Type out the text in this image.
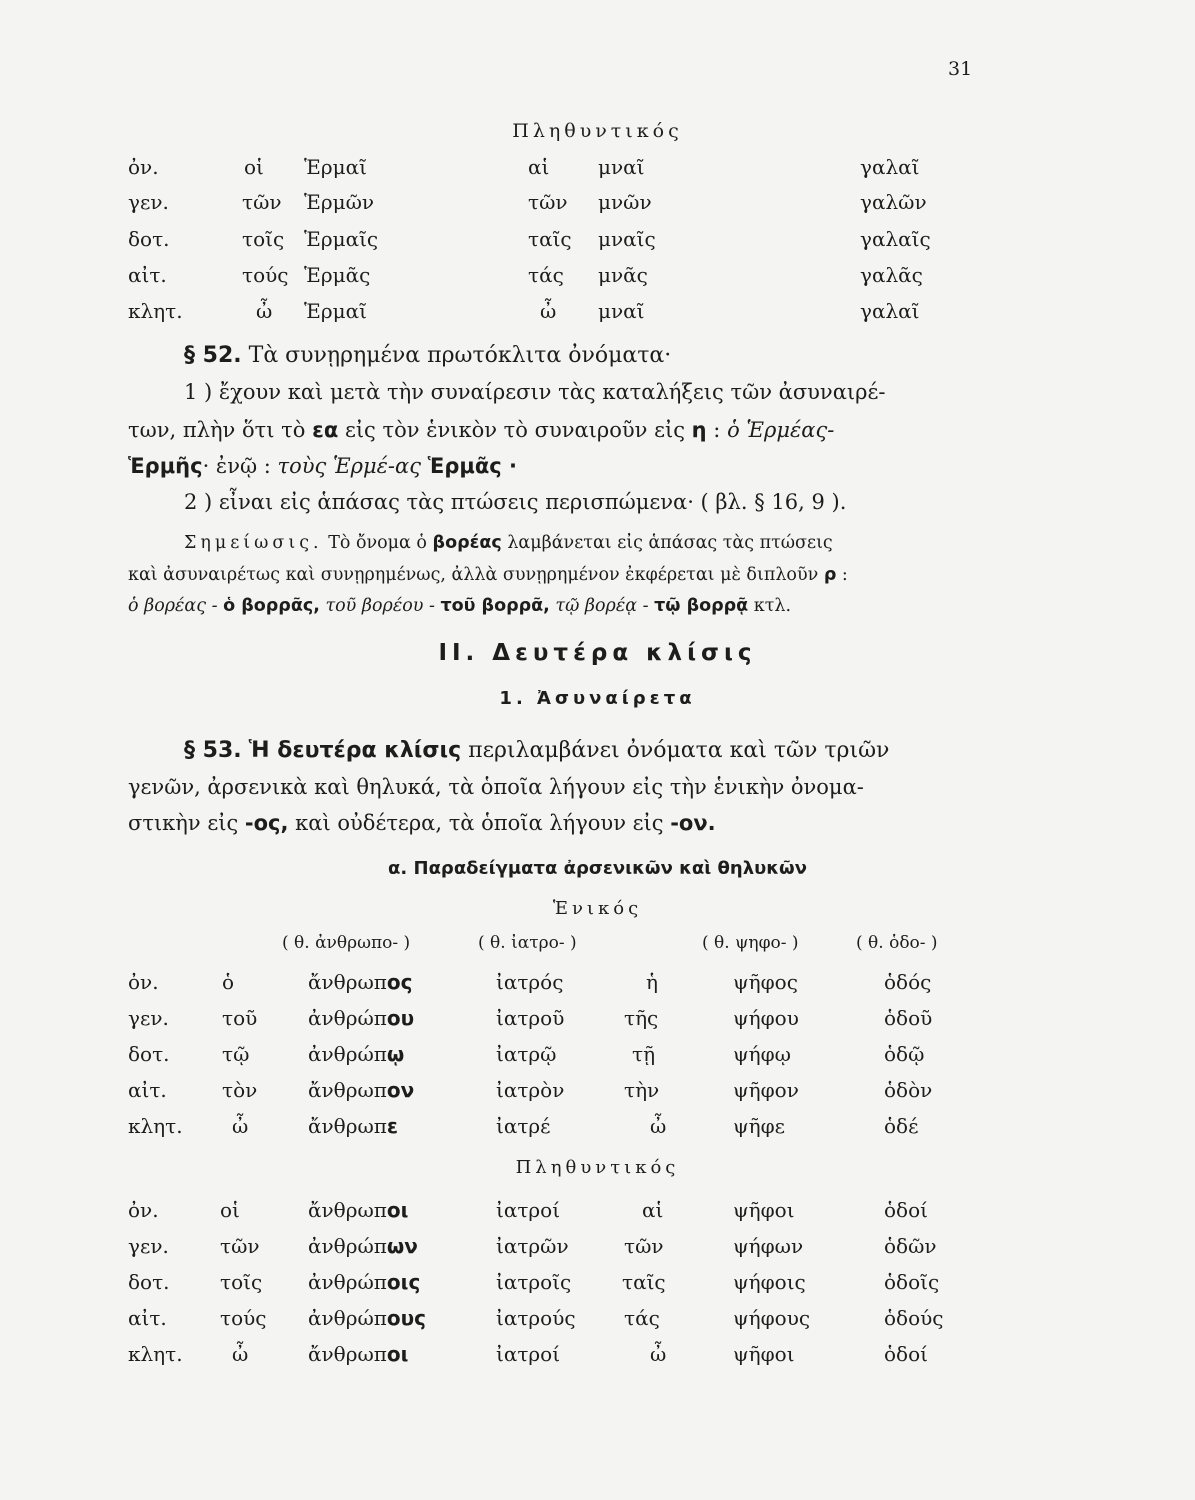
31
Πληθυντικός
ὀν.	οἱ Ἑρμαῖ	αἱ μναῖ	γαλαῖ
γεν.	τῶν Ἑρμῶν	τῶν μνῶν	γαλῶν
δοτ.	τοῖς Ἑρμαῖς	ταῖς μναῖς	γαλαῖς
αἰτ.	τούς Ἑρμᾶς	τάς μνᾶς	γαλᾶς
κλητ.	ὦ Ἑρμαῖ	ὦ μναῖ	γαλαῖ
§ 52. Τὰ συνῃρημένα πρωτόκλιτα ὀνόματα·
1 ) ἔχουν καὶ μετὰ τὴν συναίρεσιν τὰς καταλήξεις τῶν ἀσυναιρέ-
των, πλὴν ὅτι τὸ εα εἰς τὸν ἑνικὸν τὸ συναιροῦν εἰς η : ὁ Ἑρμέας-
Ἑρμῆς· ἐνῷ : τοὺς Ἑρμέ-ας Ἑρμᾶς ·
2 ) εἶναι εἰς ἁπάσας τὰς πτώσεις περισπώμενα· ( βλ. § 16, 9 ).
Σημείωσις. Τὸ ὄνομα ὁ βορέας λαμβάνεται εἰς ἁπάσας τὰς πτώσεις
καὶ ἀσυναιρέτως καὶ συνῃρημένως, ἀλλὰ συνῃρημένον ἐκφέρεται μὲ διπλοῦν ρ :
ὁ βορέας - ὁ βορρᾶς, τοῦ βορέου - τοῦ βορρᾶ, τῷ βορέᾳ - τῷ βορρᾷ κτλ.
II. Δευτέρα κλίσις
1. Ἀσυναίρετα
§ 53. Ἡ δευτέρα κλίσις περιλαμβάνει ὀνόματα καὶ τῶν τριῶν
γενῶν, ἀρσενικὰ καὶ θηλυκά, τὰ ὁποῖα λήγουν εἰς τὴν ἑνικὴν ὀνομα-
στικὴν εἰς -ος, καὶ οὐδέτερα, τὰ ὁποῖα λήγουν εἰς -ον.
α. Παραδείγματα ἀρσενικῶν καὶ θηλυκῶν
Ἑνικός
( θ. ἀνθρωπο- )	( θ. ἰατρο- )	( θ. ψηφο- )	( θ. ὁδο- )
ὀν.	ὁ	ἄνθρωπος	ἰατρός	ἡ	ψῆφος	ὁδός
γεν.	τοῦ	ἀνθρώπου	ἰατροῦ	τῆς	ψήφου	ὁδοῦ
δοτ.	τῷ	ἀνθρώπῳ	ἰατρῷ	τῇ	ψήφῳ	ὁδῷ
αἰτ.	τὸν	ἄνθρωπον	ἰατρὸν	τὴν	ψῆφον	ὁδὸν
κλητ. ὦ	ἄνθρωπε	ἰατρέ	ὦ	ψῆφε	ὁδέ
Πληθυντικός
ὀν.	οἱ	ἄνθρωποι	ἰατροί	αἱ	ψῆφοι	ὁδοί
γεν.	τῶν ἀνθρώπων	ἰατρῶν	τῶν	ψήφων	ὁδῶν
δοτ.	τοῖς ἀνθρώποις	ἰατροῖς	ταῖς	ψήφοις	ὁδοῖς
αἰτ.	τούς ἀνθρώπους	ἰατρούς τάς	ψήφους	ὁδούς
κλητ. ὦ	ἄνθρωποι	ἰατροί	ὦ	ψῆφοι	ὁδοί
